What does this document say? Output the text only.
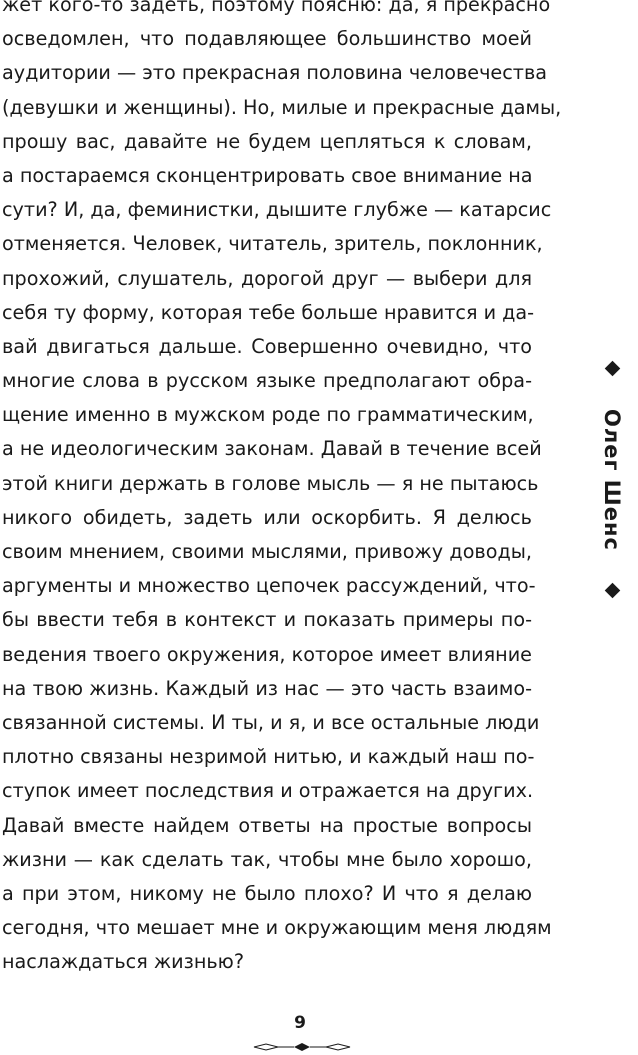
жет кого-то задеть, поэтому поясню: да, я прекрасно
осведомлен, что подавляющее большинство моей
аудитории — это прекрасная половина человечества
(девушки и женщины). Но, милые и прекрасные дамы,
прошу вас, давайте не будем цепляться к словам,
а постараемся сконцентрировать свое внимание на
сути? И, да, феминистки, дышите глубже — катарсис
отменяется. Человек, читатель, зритель, поклонник,
прохожий, слушатель, дорогой друг — выбери для
себя ту форму, которая тебе больше нравится и да-
вай двигаться дальше. Совершенно очевидно, что
многие слова в русском языке предполагают обра-
щение именно в мужском роде по грамматическим,
а не идеологическим законам. Давай в течение всей
этой книги держать в голове мысль — я не пытаюсь
никого обидеть, задеть или оскорбить. Я делюсь
своим мнением, своими мыслями, привожу доводы,
аргументы и множество цепочек рассуждений, что-
бы ввести тебя в контекст и показать примеры по-
ведения твоего окружения, которое имеет влияние
на твою жизнь. Каждый из нас — это часть взаимо-
связанной системы. И ты, и я, и все остальные люди
плотно связаны незримой нитью, и каждый наш по-
ступок имеет последствия и отражается на других.
Давай вместе найдем ответы на простые вопросы
жизни — как сделать так, чтобы мне было хорошо,
а при этом, никому не было плохо? И что я делаю
сегодня, что мешает мне и окружающим меня людям
наслаждаться жизнью?
Олег Шенс
9
